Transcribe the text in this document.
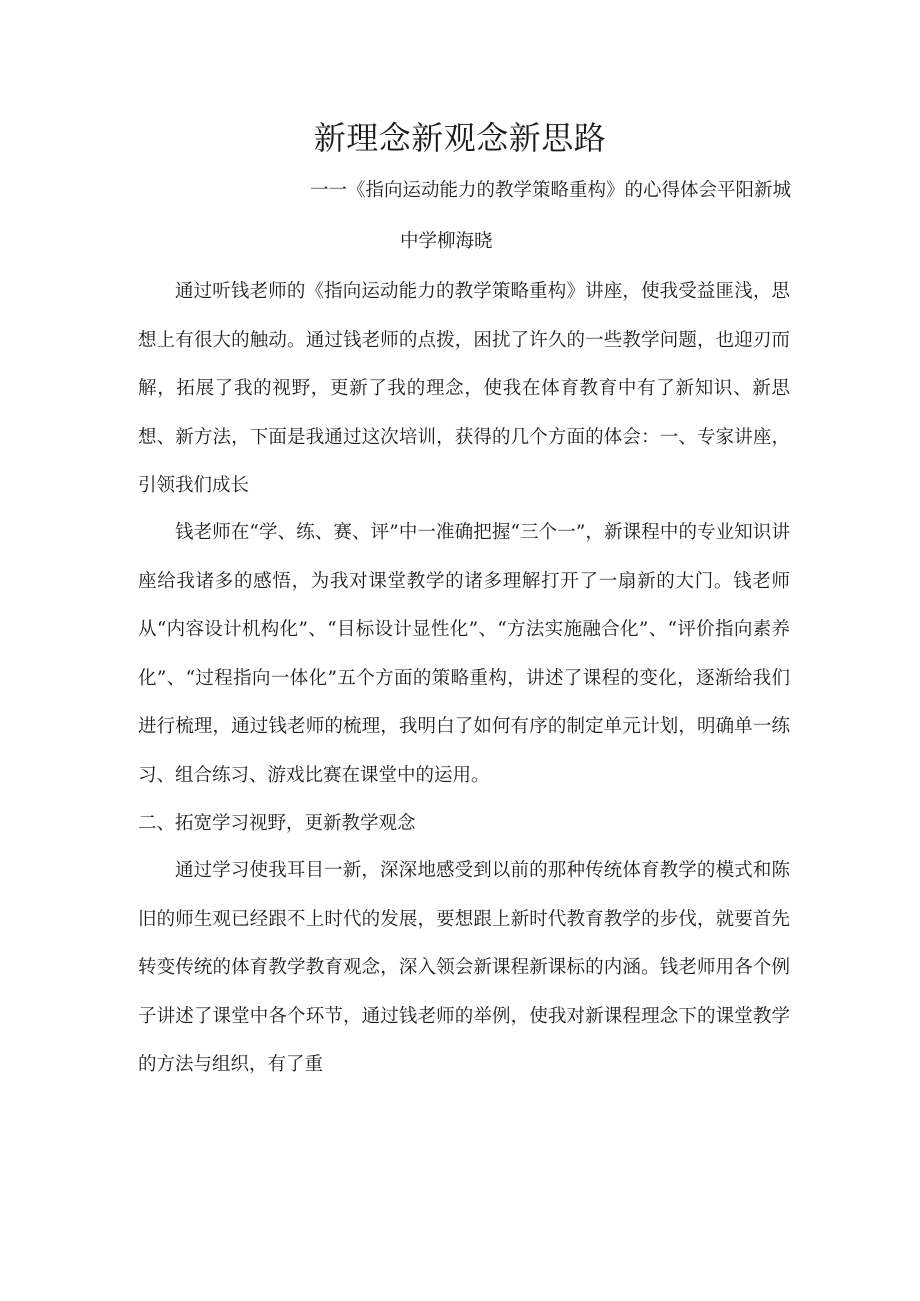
新理念新观念新思路

一一《指向运动能力的教学策略重构》的心得体会平阳新城

中学柳海晓

通过听钱老师的《指向运动能力的教学策略重构》讲座，使我受益匪浅，思想上有很大的触动。通过钱老师的点拨，困扰了许久的一些教学问题，也迎刃而解，拓展了我的视野，更新了我的理念，使我在体育教育中有了新知识、新思想、新方法，下面是我通过这次培训，获得的几个方面的体会：一、专家讲座，引领我们成长

钱老师在“学、练、赛、评”中一准确把握“三个一”，新课程中的专业知识讲座给我诸多的感悟，为我对课堂教学的诸多理解打开了一扇新的大门。钱老师从“内容设计机构化”、“目标设计显性化”、“方法实施融合化”、“评价指向素养化”、“过程指向一体化”五个方面的策略重构，讲述了课程的变化，逐渐给我们进行梳理，通过钱老师的梳理，我明白了如何有序的制定单元计划，明确单一练习、组合练习、游戏比赛在课堂中的运用。

二、拓宽学习视野，更新教学观念

通过学习使我耳目一新，深深地感受到以前的那种传统体育教学的模式和陈旧的师生观已经跟不上时代的发展，要想跟上新时代教育教学的步伐，就要首先转变传统的体育教学教育观念，深入领会新课程新课标的内涵。钱老师用各个例子讲述了课堂中各个环节，通过钱老师的举例，使我对新课程理念下的课堂教学的方法与组织，有了重
